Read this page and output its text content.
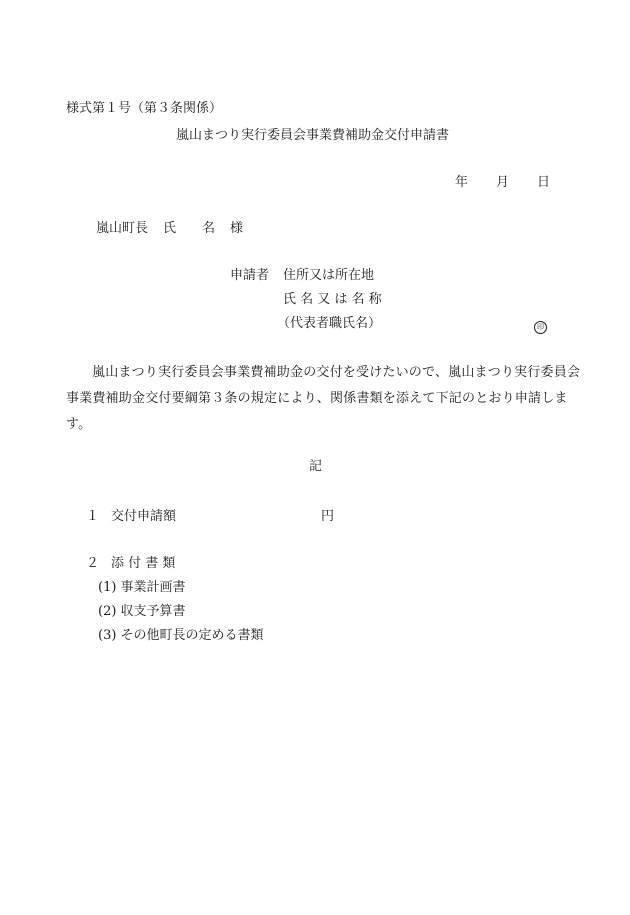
様式第１号（第３条関係）
嵐山まつり実行委員会事業費補助金交付申請書
年 月 日
嵐山町長 氏　　名 様
申請者 住所又は所在地
氏 名 又 は 名 称
（代表者職氏名）	印
嵐山まつり実行委員会事業費補助金の交付を受けたいので、嵐山まつり実行委員会事業費補助金交付要綱第３条の規定により、関係書類を添えて下記のとおり申請します。
記
１ 交付申請額	円
２ 添 付 書 類
(1) 事業計画書
(2) 収支予算書
(3) その他町長の定める書類
